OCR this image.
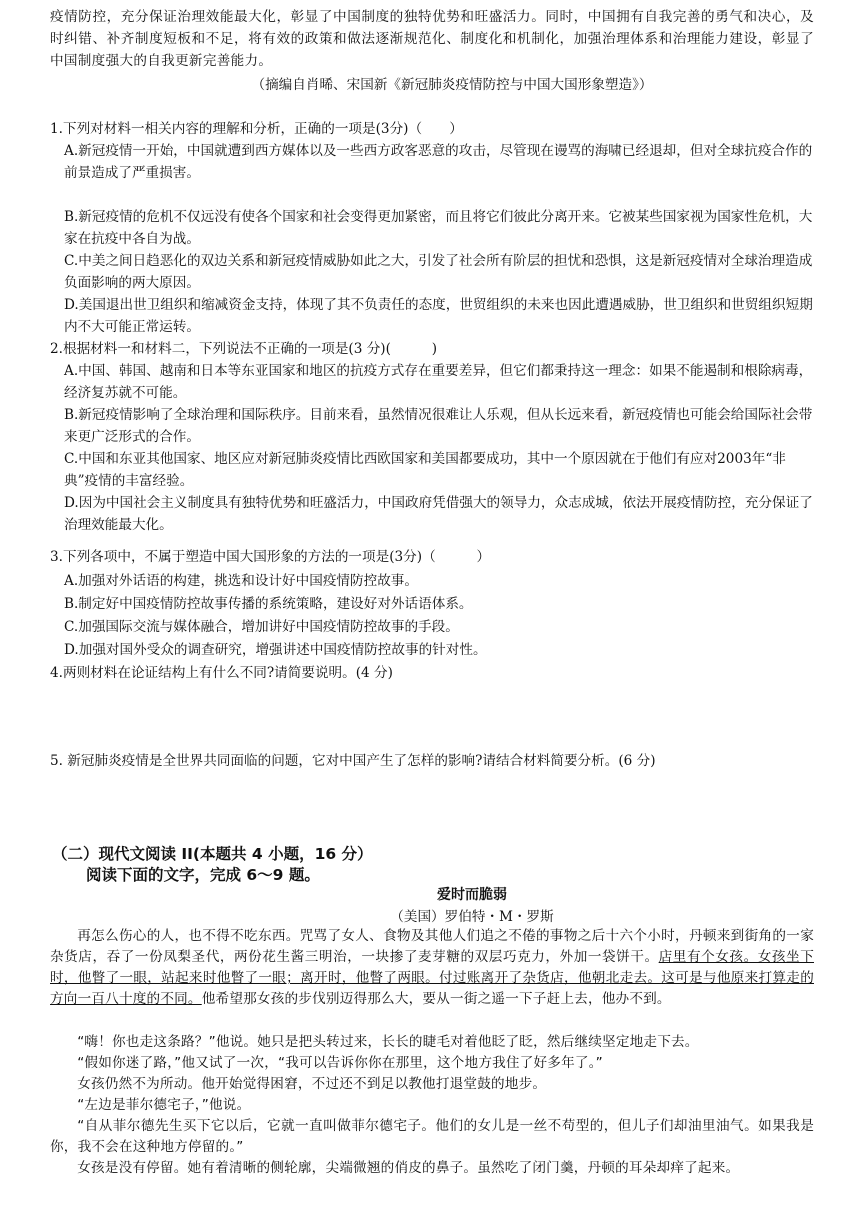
疫情防控，充分保证治理效能最大化，彰显了中国制度的独特优势和旺盛活力。同时，中国拥有自我完善的勇气和决心，及时纠错、补齐制度短板和不足，将有效的政策和做法逐渐规范化、制度化和机制化，加强治理体系和治理能力建设，彰显了中国制度强大的自我更新完善能力。

（摘编自肖晞、宋国新《新冠肺炎疫情防控与中国大国形象塑造》）
1.下列对材料一相关内容的理解和分析，正确的一项是(3分)（　　）
A.新冠疫情一开始，中国就遭到西方媒体以及一些西方政客恶意的攻击，尽管现在谩骂的海啸已经退却，但对全球抗疫合作的前景造成了严重损害。
B.新冠疫情的危机不仅远没有使各个国家和社会变得更加紧密，而且将它们彼此分离开来。它被某些国家视为国家性危机，大家在抗疫中各自为战。
C.中美之间日趋恶化的双边关系和新冠疫情威胁如此之大，引发了社会所有阶层的担忧和恐惧，这是新冠疫情对全球治理造成负面影响的两大原因。
D.美国退出世卫组织和缩减资金支持，体现了其不负责任的态度，世贸组织的未来也因此遭遇威胁，世卫组织和世贸组织短期内不大可能正常运转。
2.根据材料一和材料二，下列说法不正确的一项是(3 分)(　　　)
A.中国、韩国、越南和日本等东亚国家和地区的抗疫方式存在重要差异，但它们都秉持这一理念：如果不能遏制和根除病毒，经济复苏就不可能。
B.新冠疫情影响了全球治理和国际秩序。目前来看，虽然情况很难让人乐观，但从长远来看，新冠疫情也可能会给国际社会带来更广泛形式的合作。
C.中国和东亚其他国家、地区应对新冠肺炎疫情比西欧国家和美国都要成功，其中一个原因就在于他们有应对2003年“非典”疫情的丰富经验。
D.因为中国社会主义制度具有独特优势和旺盛活力，中国政府凭借强大的领导力，众志成城，依法开展疫情防控，充分保证了治理效能最大化。
3.下列各项中，不属于塑造中国大国形象的方法的一项是(3分)（　　　）
A.加强对外话语的构建，挑选和设计好中国疫情防控故事。
B.制定好中国疫情防控故事传播的系统策略，建设好对外话语体系。
C.加强国际交流与媒体融合，增加讲好中国疫情防控故事的手段。
D.加强对国外受众的调查研究，增强讲述中国疫情防控故事的针对性。
4.两则材料在论证结构上有什么不同?请简要说明。(4 分)
5. 新冠肺炎疫情是全世界共同面临的问题，它对中国产生了怎样的影响?请结合材料简要分析。(6 分)
（二）现代文阅读 II(本题共 4 小题，16 分）
阅读下面的文字，完成 6～9 题。
爱时而脆弱
（美国）罗伯特・M・罗斯
再怎么伤心的人，也不得不吃东西。咒骂了女人、食物及其他人们追之不倦的事物之后十六个小时，丹顿来到街角的一家杂货店，吞了一份凤梨圣代，两份花生酱三明治，一块掺了麦芽糖的双层巧克力，外加一袋饼干。店里有个女孩。女孩坐下时，他瞥了一眼，站起来时他瞥了一眼；离开时，他瞥了两眼。付过账离开了杂货店，他朝北走去。这可是与他原来打算走的方向一百八十度的不同。他希望那女孩的步伐别迈得那么大，要从一街之遥一下子赶上去，他办不到。
“嗨！你也走这条路？”他说。她只是把头转过来，长长的睫毛对着他眨了眨，然后继续坚定地走下去。
“假如你迷了路，”他又试了一次，“我可以告诉你你在那里，这个地方我住了好多年了。”
女孩仍然不为所动。他开始觉得困窘，不过还不到足以教他打退堂鼓的地步。
“左边是菲尔德宅子，”他说。
“自从菲尔德先生买下它以后，它就一直叫做菲尔德宅子。他们的女儿是一丝不苟型的，但儿子们却油里油气。如果我是你，我不会在这种地方停留的。”
女孩是没有停留。她有着清晰的侧轮廓，尖端微翘的俏皮的鼻子。虽然吃了闭门羹，丹顿的耳朵却痒了起来。
